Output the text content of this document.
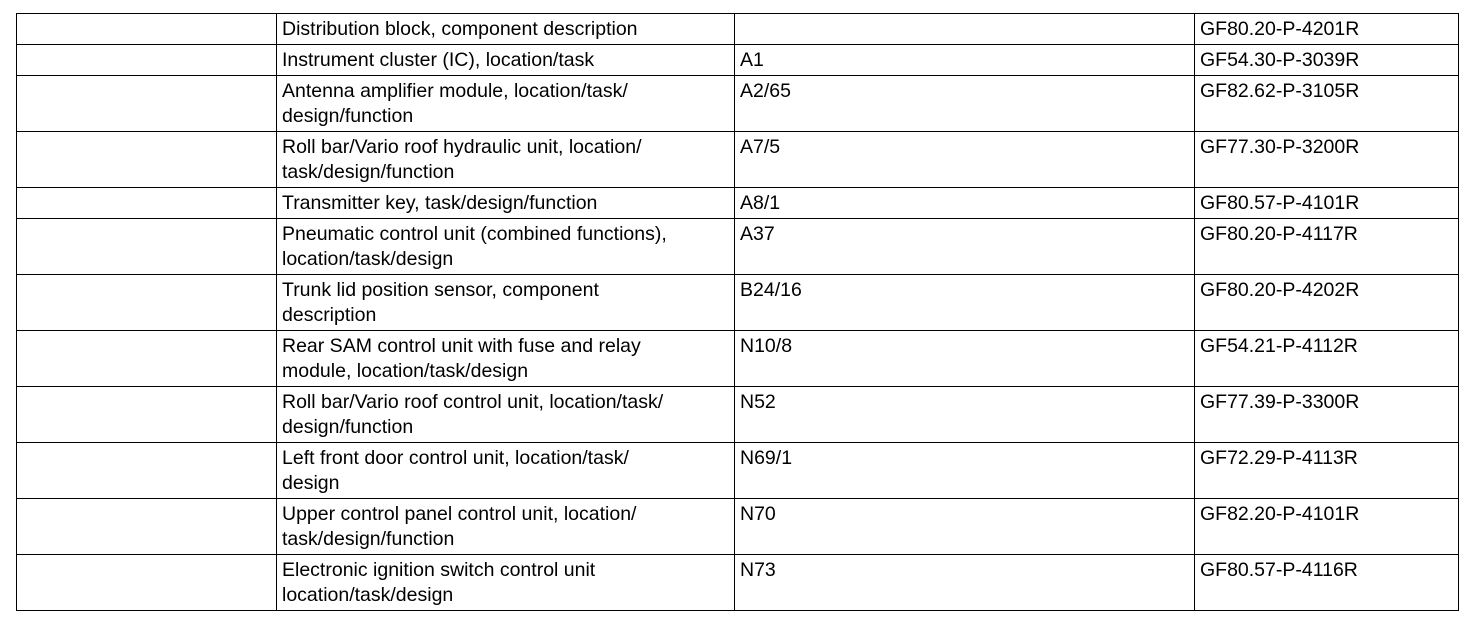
	Distribution block, component description		GF80.20-P-4201R
	Instrument cluster (IC), location/task	A1	GF54.30-P-3039R
	Antenna amplifier module, location/task/
design/function	A2/65	GF82.62-P-3105R
	Roll bar/Vario roof hydraulic unit, location/
task/design/function	A7/5	GF77.30-P-3200R
	Transmitter key, task/design/function	A8/1	GF80.57-P-4101R
	Pneumatic control unit (combined functions),
location/task/design	A37	GF80.20-P-4117R
	Trunk lid position sensor, component
description	B24/16	GF80.20-P-4202R
	Rear SAM control unit with fuse and relay
module, location/task/design	N10/8	GF54.21-P-4112R
	Roll bar/Vario roof control unit, location/task/
design/function	N52	GF77.39-P-3300R
	Left front door control unit, location/task/
design	N69/1	GF72.29-P-4113R
	Upper control panel control unit, location/
task/design/function	N70	GF82.20-P-4101R
	Electronic ignition switch control unit
location/task/design	N73	GF80.57-P-4116R
